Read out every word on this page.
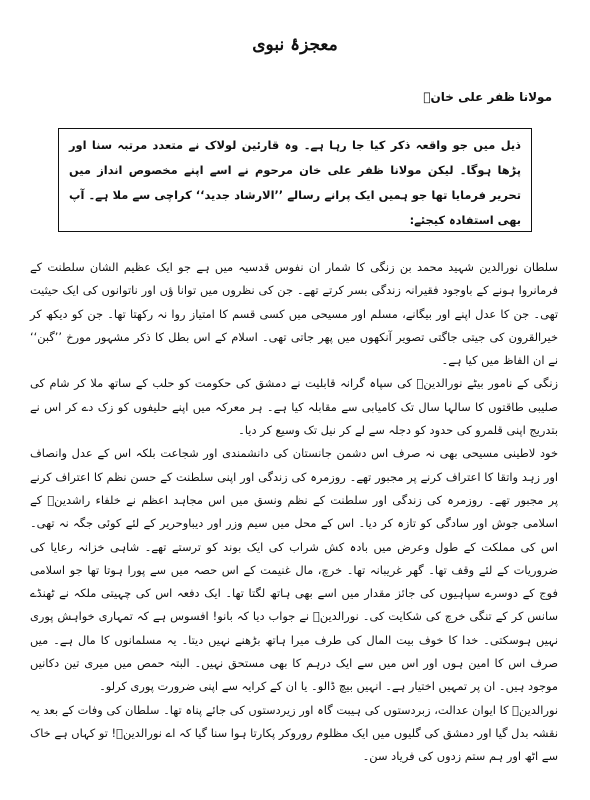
معجزۂ نبوی
مولانا ظفر علی خانؒ
ذیل میں جو واقعہ ذکر کیا جا رہا ہے۔ وہ قارئین لولاک نے متعدد مرتبہ سنا اور پڑھا ہوگا۔ لیکن مولانا ظفر علی خان مرحوم نے اسے اپنے مخصوص انداز میں تحریر فرمایا تھا جو ہمیں ایک پرانے رسالے ’’الارشاد جدید‘‘ کراچی سے ملا ہے۔ آپ بھی استفادہ کیجئے:

سلطان نورالدین شہید محمد بن زنگی کا شمار ان نفوس قدسیہ میں ہے جو ایک عظیم الشان سلطنت کے فرمانروا ہونے کے باوجود فقیرانہ زندگی بسر کرتے تھے۔ جن کی نظروں میں توانا ؤں اور ناتوانوں کی ایک حیثیت تھی۔ جن کا عدل اپنے اور بیگانے، مسلم اور مسیحی میں کسی قسم کا امتیاز روا نہ رکھتا تھا۔ جن کو دیکھ کر خیرالقرون کی جیتی جاگتی تصویر آنکھوں میں پھر جاتی تھی۔ اسلام کے اس بطل کا ذکر مشہور مورخ ’’گبن‘‘ نے ان الفاظ میں کیا ہے۔

زنگی کے نامور بیٹے نورالدینؒ کی سپاہ گرانہ قابلیت نے دمشق کی حکومت کو حلب کے ساتھ ملا کر شام کی صلیبی طاقتوں کا سالہا سال تک کامیابی سے مقابلہ کیا ہے۔ ہر معرکہ میں اپنے حلیفوں کو زک دے کر اس نے بتدریج اپنی قلمرو کی حدود کو دجلہ سے لے کر نیل تک وسیع کر دیا۔

خود لاطینی مسیحی بھی نہ صرف اس دشمن جانستان کی دانشمندی اور شجاعت بلکہ اس کے عدل وانصاف اور زہد واتقا کا اعتراف کرنے پر مجبور تھے۔ روزمرہ کی زندگی اور اپنی سلطنت کے حسن نظم کا اعتراف کرنے پر مجبور تھے۔ روزمرہ کی زندگی اور سلطنت کے نظم ونسق میں اس مجاہد اعظم نے خلفاء راشدینؓ کے اسلامی جوش اور سادگی کو تازہ کر دیا۔ اس کے محل میں سیم وزر اور دیباوحریر کے لئے کوئی جگہ نہ تھی۔ اس کی مملکت کے طول وعرض میں بادہ کش شراب کی ایک بوند کو ترستے تھے۔ شاہی خزانہ رعایا کی ضروریات کے لئے وقف تھا۔ گھر غریبانہ تھا۔ خرچ، مال غنیمت کے اس حصہ میں سے پورا ہوتا تھا جو اسلامی فوج کے دوسرے سپاہیوں کی جائز مقدار میں اسے بھی ہاتھ لگتا تھا۔ ایک دفعہ اس کی چہیتی ملکہ نے ٹھنڈے سانس کر کے تنگی خرچ کی شکایت کی۔ نورالدینؒ نے جواب دیا کہ بانو! افسوس ہے کہ تمہاری خواہش پوری نہیں ہوسکتی۔ خدا کا خوف بیت المال کی طرف میرا ہاتھ بڑھنے نہیں دیتا۔ یہ مسلمانوں کا مال ہے۔ میں صرف اس کا امین ہوں اور اس میں سے ایک درہم کا بھی مستحق نہیں۔ البتہ حمص میں میری تین دکانیں موجود ہیں۔ ان پر تمہیں اختیار ہے۔ انہیں بیچ ڈالو۔ یا ان کے کرایہ سے اپنی ضرورت پوری کرلو۔

نورالدینؒ کا ایوان عدالت، زبردستوں کی ہیبت گاہ اور زیردستوں کی جائے پناہ تھا۔ سلطان کی وفات کے بعد یہ نقشہ بدل گیا اور دمشق کی گلیوں میں ایک مظلوم روروکر پکارتا ہوا سنا گیا کہ اے نورالدینؒ! تو کہاں ہے خاک سے اٹھ اور ہم ستم زدوں کی فریاد سن۔
